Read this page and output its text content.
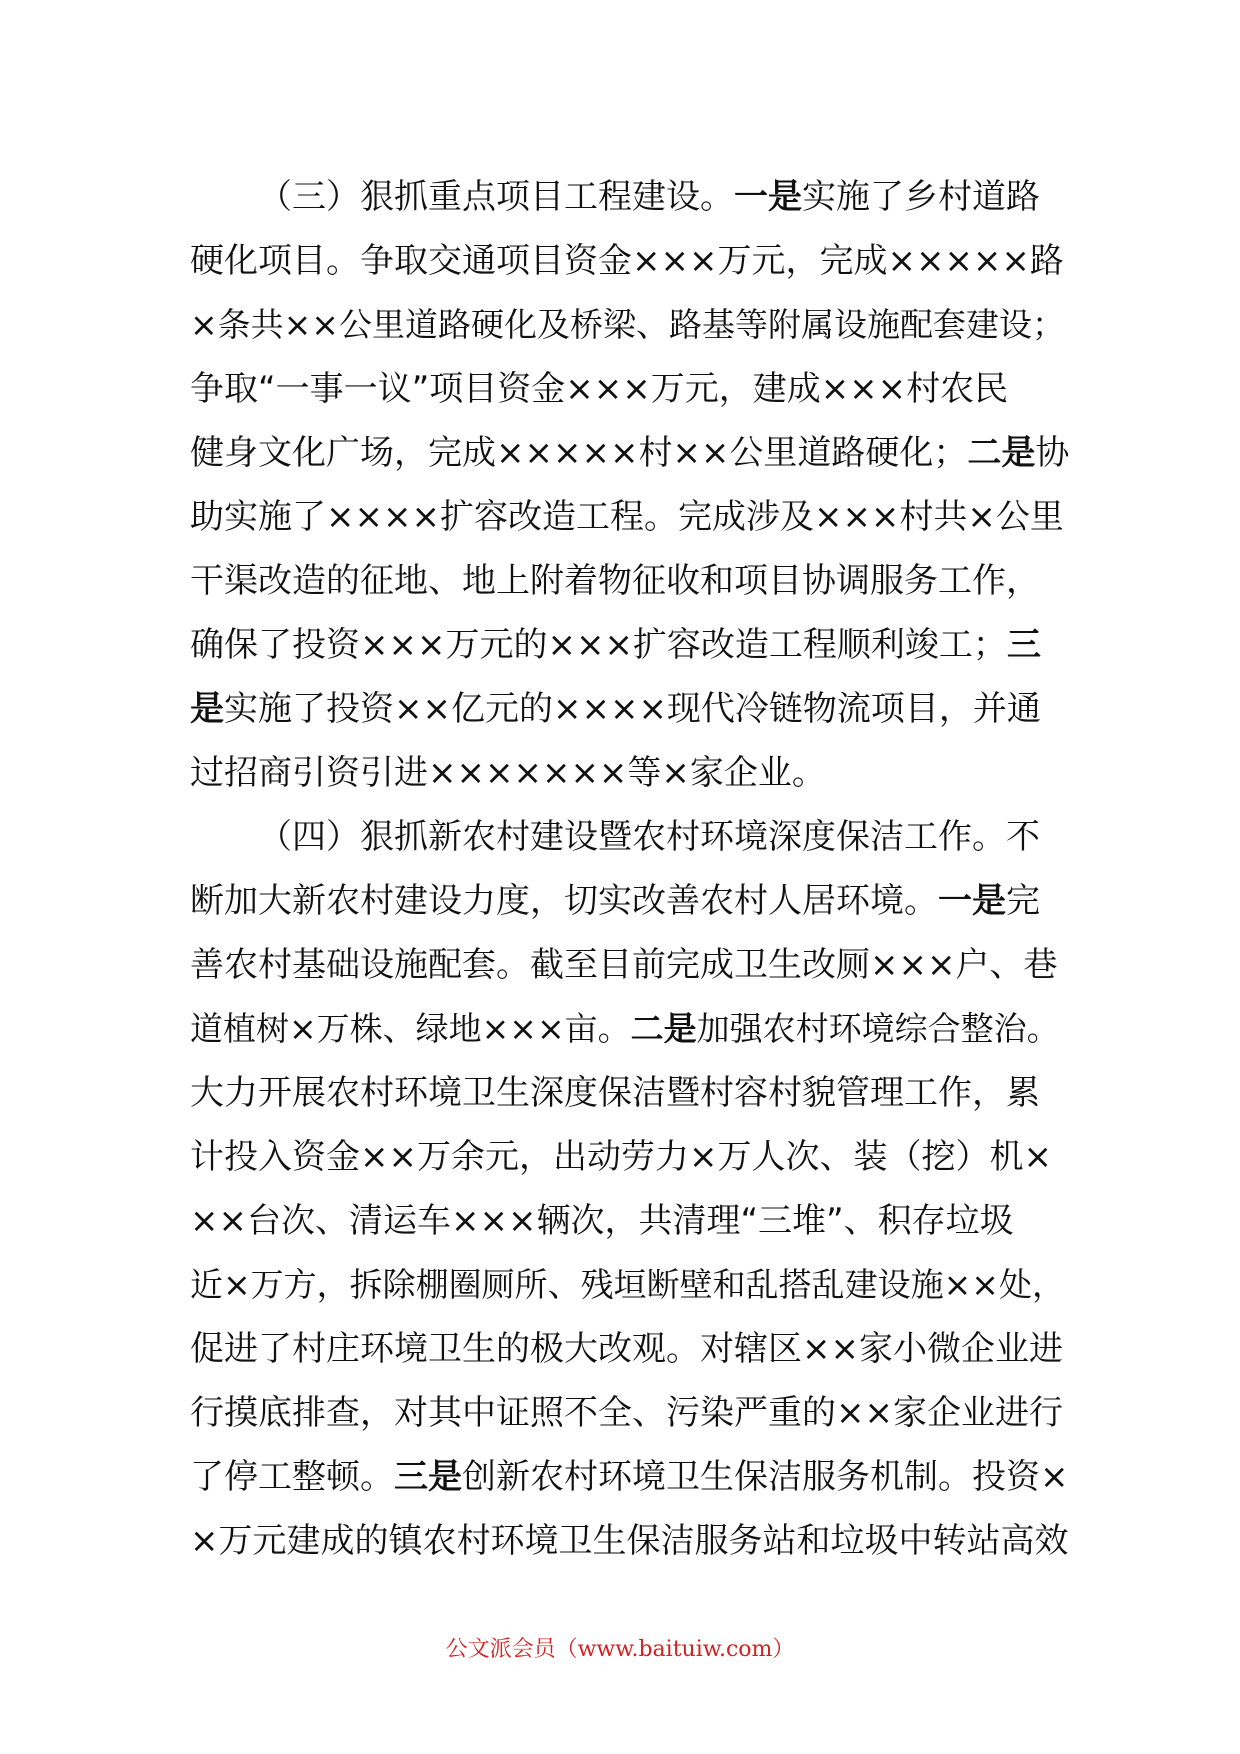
（三）狠抓重点项目工程建设。一是实施了乡村道路
硬化项目。争取交通项目资金×××万元，完成×××××路
×条共××公里道路硬化及桥梁、路基等附属设施配套建设；
争取“一事一议”项目资金×××万元，建成×××村农民
健身文化广场，完成×××××村××公里道路硬化；二是协
助实施了××××扩容改造工程。完成涉及×××村共×公里
干渠改造的征地、地上附着物征收和项目协调服务工作，
确保了投资×××万元的×××扩容改造工程顺利竣工；三
是实施了投资××亿元的××××现代冷链物流项目，并通
过招商引资引进×××××××等×家企业。
（四）狠抓新农村建设暨农村环境深度保洁工作。不
断加大新农村建设力度，切实改善农村人居环境。一是完
善农村基础设施配套。截至目前完成卫生改厕×××户、巷
道植树×万株、绿地×××亩。二是加强农村环境综合整治。
大力开展农村环境卫生深度保洁暨村容村貌管理工作，累
计投入资金××万余元，出动劳力×万人次、装（挖）机×
××台次、清运车×××辆次，共清理“三堆”、积存垃圾
近×万方，拆除棚圈厕所、残垣断壁和乱搭乱建设施××处，
促进了村庄环境卫生的极大改观。对辖区××家小微企业进
行摸底排查，对其中证照不全、污染严重的××家企业进行
了停工整顿。三是创新农村环境卫生保洁服务机制。投资×
×万元建成的镇农村环境卫生保洁服务站和垃圾中转站高效
公文派会员（www.baituiw.com）
